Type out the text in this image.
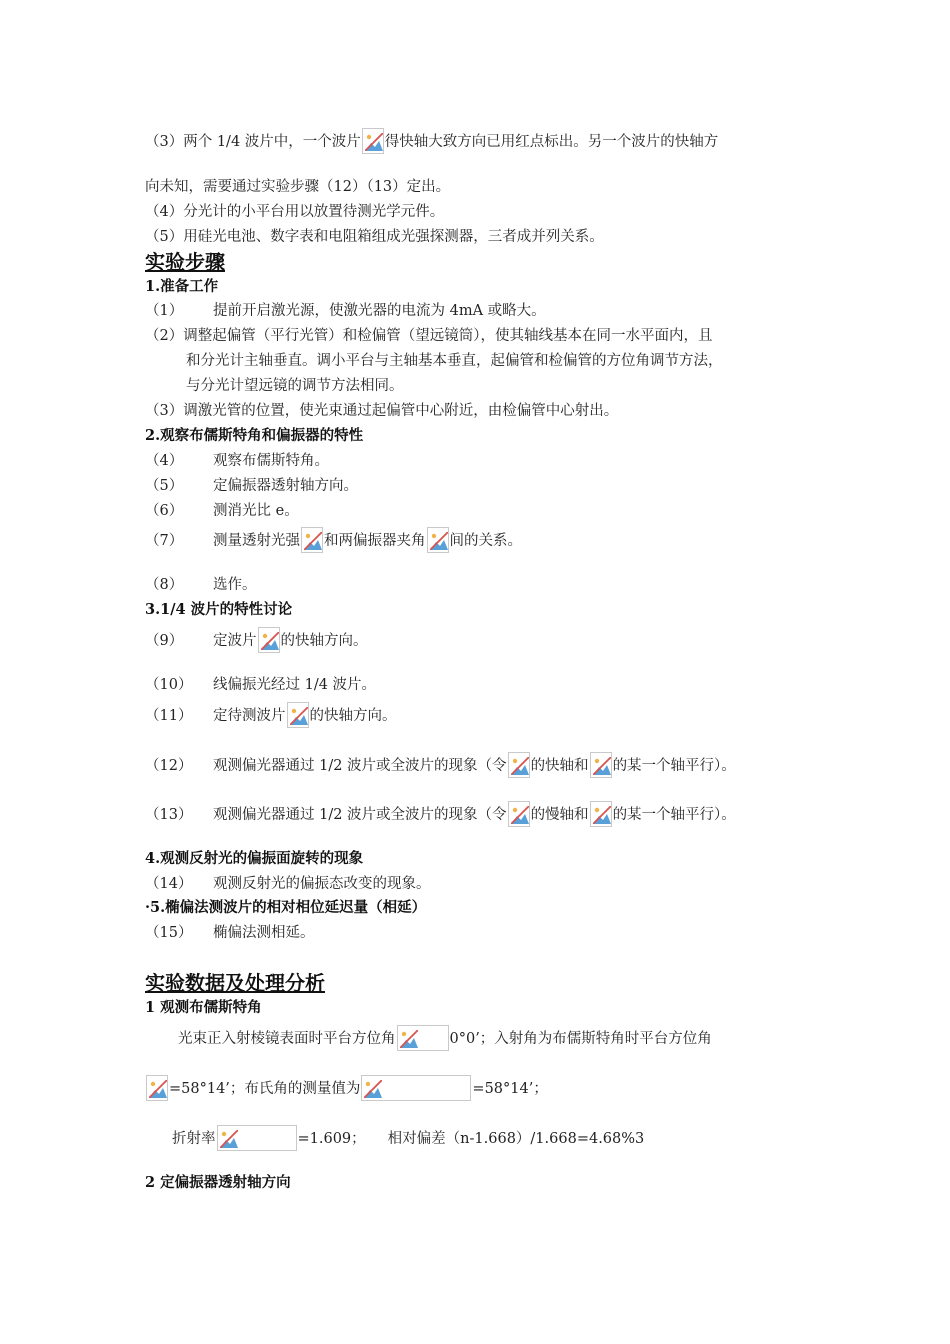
（3）两个 1/4 波片中，一个波片 得快轴大致方向已用红点标出。另一个波片的快轴方
向未知，需要通过实验步骤（12）（13）定出。
（4）分光计的小平台用以放置待测光学元件。
（5）用硅光电池、数字表和电阻箱组成光强探测器，三者成并列关系。
实验步骤
1.准备工作
（1） 提前开启激光源，使激光器的电流为 4mA 或略大。
（2）调整起偏管（平行光管）和检偏管（望远镜筒），使其轴线基本在同一水平面内，且
和分光计主轴垂直。调小平台与主轴基本垂直，起偏管和检偏管的方位角调节方法，
与分光计望远镜的调节方法相同。
（3）调激光管的位置，使光束通过起偏管中心附近，由检偏管中心射出。
2.观察布儒斯特角和偏振器的特性
（4） 观察布儒斯特角。
（5） 定偏振器透射轴方向。
（6） 测消光比 e。
（7） 测量透射光强 和两偏振器夹角 间的关系。
（8） 选作。
3.1/4 波片的特性讨论
（9） 定波片 的快轴方向。
（10） 线偏振光经过 1/4 波片。
（11） 定待测波片 的快轴方向。
（12） 观测偏光器通过 1/2 波片或全波片的现象（令 的快轴和 的某一个轴平行）。
（13） 观测偏光器通过 1/2 波片或全波片的现象（令 的慢轴和 的某一个轴平行）。
4.观测反射光的偏振面旋转的现象
（14） 观测反射光的偏振态改变的现象。
·5.椭偏法测波片的相对相位延迟量（相延）
（15） 椭偏法测相延。
实验数据及处理分析
1 观测布儒斯特角
光束正入射棱镜表面时平台方位角	0°0’；入射角为布儒斯特角时平台方位角
=58°14’；布氏角的测量值为	=58°14’；
折射率	=1.609； 相对偏差（n-1.668）/1.668=4.68%3
2 定偏振器透射轴方向
